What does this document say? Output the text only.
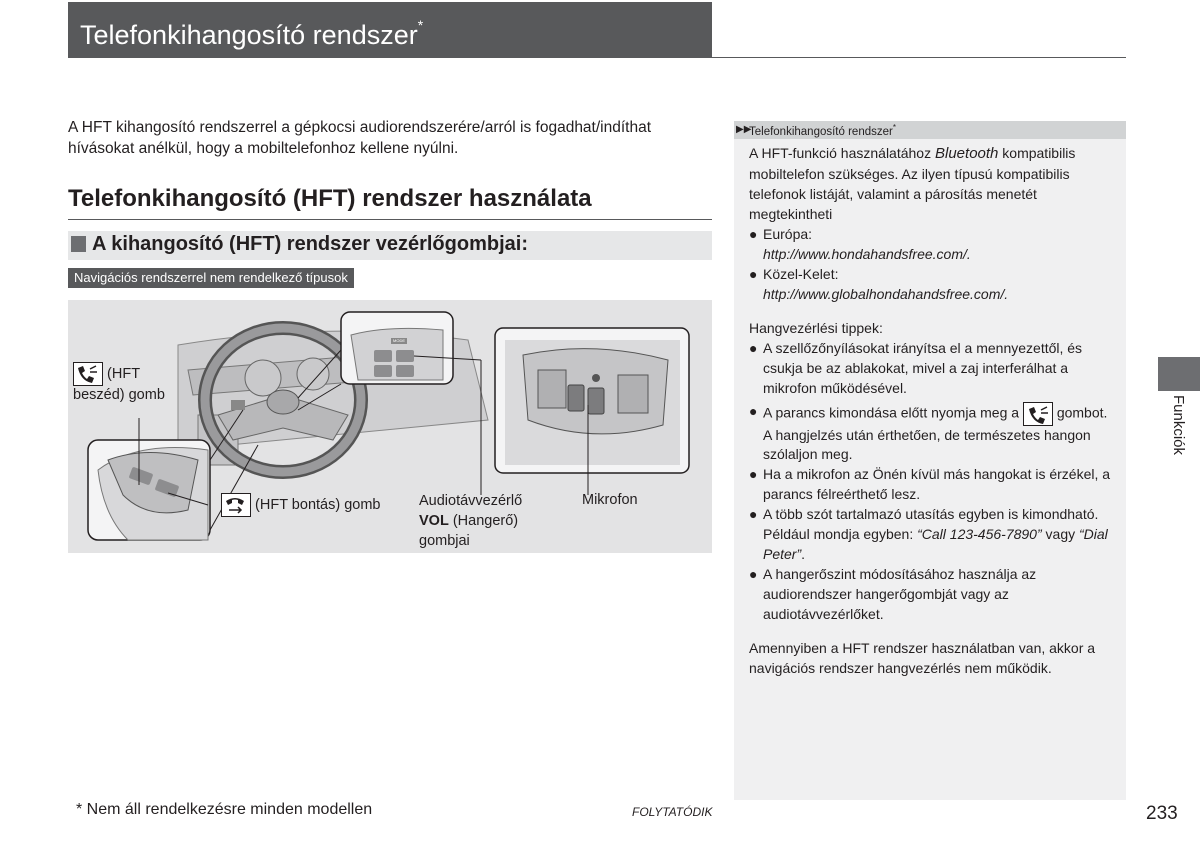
Telefonkihangosító rendszer*
A HFT kihangosító rendszerrel a gépkocsi audiorendszerére/arról is fogadhat/indíthat hívásokat anélkül, hogy a mobiltelefonhoz kellene nyúlni.
Telefonkihangosító (HFT) rendszer használata
A kihangosító (HFT) rendszer vezérlőgombjai:
Navigációs rendszerrel nem rendelkező típusok
MODE
(HFT
beszéd) gomb
(HFT bontás) gomb	Audiotávvezérlő
VOL (Hangerő)
gombjai
Mikrofon
▶▶
Telefonkihangosító rendszer*

A HFT-funkció használatához Bluetooth kompatibilis mobiltelefon szükséges. Az ilyen típusú kompatibilis telefonok listáját, valamint a párosítás menetét megtekintheti

● Európa:
http://www.hondahandsfree.com/.
● Közel-Kelet:
http://www.globalhondahandsfree.com/.

Hangvezérlési tippek:

● A szellőzőnyílásokat irányítsa el a mennyezettől, és csukja be az ablakokat, mivel a zaj interferálhat a mikrofon működésével.
● A parancs kimondása előtt nyomja meg a	gombot. A hangjelzés után érthetően, de természetes hangon szólaljon meg.
● Ha a mikrofon az Önén kívül más hangokat is érzékel, a parancs félreérthető lesz.
● A több szót tartalmazó utasítás egyben is kimondható. Például mondja egyben: “Call 123-456-7890” vagy “Dial Peter”.
● A hangerőszint módosításához használja az audiorendszer hangerőgombját vagy az audiotávvezérlőket.

Amennyiben a HFT rendszer használatban van, akkor a navigációs rendszer hangvezérlés nem működik.

Funkciók
* Nem áll rendelkezésre minden modellen	FOLYTATÓDIK	233
